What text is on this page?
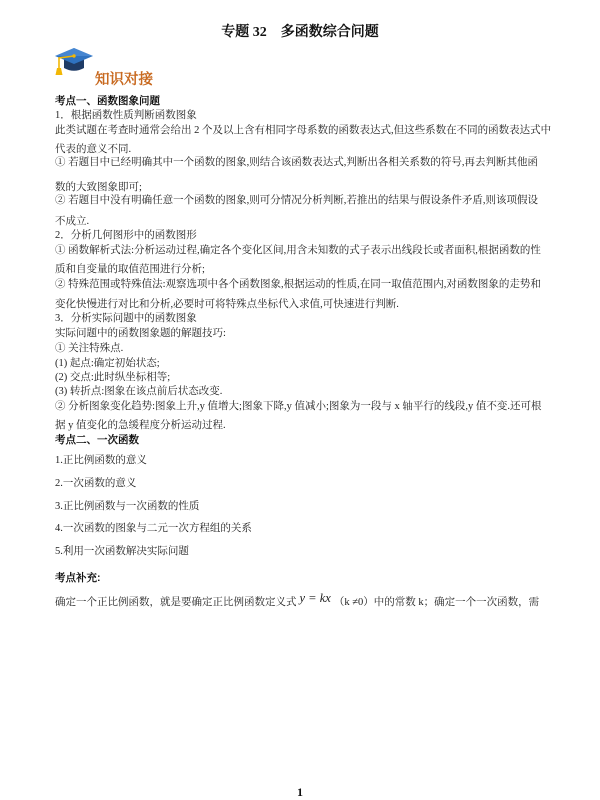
专题 32　多函数综合问题
知识对接
考点一、函数图象问题
1．根据函数性质判断函数图象
此类试题在考查时通常会给出 2 个及以上含有相同字母系数的函数表达式,但这些系数在不同的函数表达式中
代表的意义不同.
① 若题目中已经明确其中一个函数的图象,则结合该函数表达式,判断出各相关系数的符号,再去判断其他函
数的大致图象即可;
② 若题目中没有明确任意一个函数的图象,则可分情况分析判断,若推出的结果与假设条件矛盾,则该项假设
不成立.
2．分析几何图形中的函数图形
① 函数解析式法:分析运动过程,确定各个变化区间,用含未知数的式子表示出线段长或者面积,根据函数的性
质和自变量的取值范围进行分析;
② 特殊范围或特殊值法:观察选项中各个函数图象,根据运动的性质,在同一取值范围内,对函数图象的走势和
变化快慢进行对比和分析,必要时可将特殊点坐标代入求值,可快速进行判断.
3．分析实际问题中的函数图象
实际问题中的函数图象题的解题技巧:
① 关注特殊点.
(1) 起点:确定初始状态;
(2) 交点:此时纵坐标相等;
(3) 转折点:图象在该点前后状态改变.
② 分析图象变化趋势:图象上升,y 值增大;图象下降,y 值减小;图象为一段与 x 轴平行的线段,y 值不变.还可根
据 y 值变化的急缓程度分析运动过程.
考点二、一次函数
1.正比例函数的意义
2.一次函数的意义
3.正比例函数与一次函数的性质
4.一次函数的图象与二元一次方程组的关系
5.利用一次函数解决实际问题
考点补充:
确定一个正比例函数，就是要确定正比例函数定义式 y = kx （k ≠0）中的常数 k；确定一个一次函数，需
1
